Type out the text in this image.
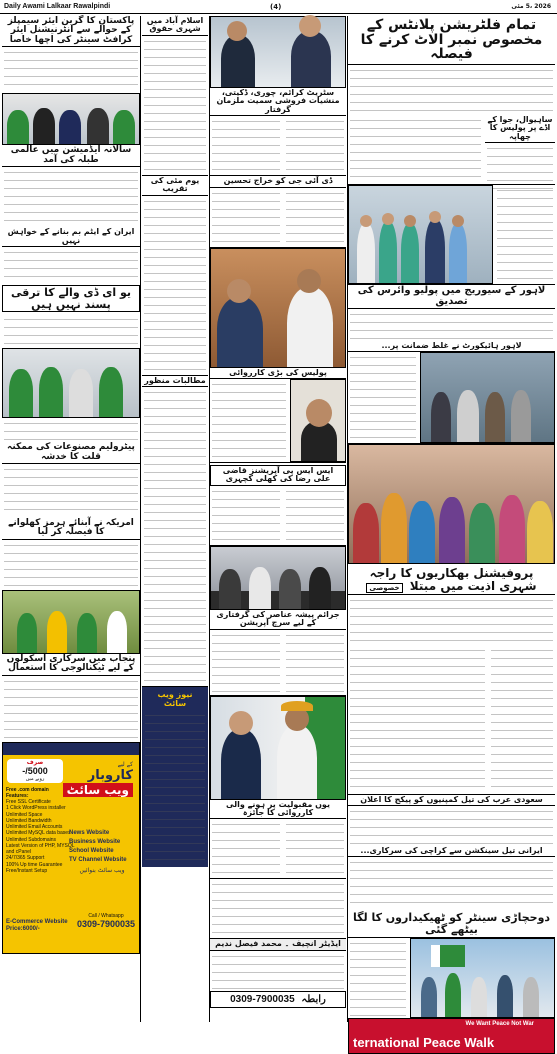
Daily Awami Lalkaar Rawalpindi	(4)	2026 ،5 مئی
تمام فلٹریشن پلانٹس کے مخصوص نمبر الاٹ کرنے کا فیصلہ
ساہیوال، جوا کے اڈے پر پولیس کا چھاپہ
لاہور کے سیوریج میں پولیو وائرس کی تصدیق
لاہور ہائیکورٹ نے غلط ضمانت پر...
پروفیشنل بھکاریوں کا راجہ شہری اذیت میں مبتلا خصوصی
سعودی عرب کی تیل کمپنیوں کو پیکج کا اعلان
ایرانی تیل سینکشن سے کراچی کی سرکاری...
دوحچاڑی سینٹر کو ٹھیکیداروں کا لگا بیٹھے گئی
We Want Peace Not War
ternational Peace Walk
سٹریٹ کرائم، چوری، ڈکیتی، منشیات فروشی سمیت ملزمان گرفتار
ڈی آئی جی کو خراج تحسین
پولیس کی بڑی کارروائی
ایس ایس پی آپریشنز قاضی علی رضا کی کھلی کچہری
جرائم پیشہ عناصر کی گرفتاری کے لیے سرچ آپریشن
یوں مقبولیت پر ہونے والی کارروائی کا جائزہ
ایڈیٹر انچیف ۔ محمد فیصل ندیم
0309-7900035 رابطہ
اسلام آباد میں شہری حقوق
یوم مئی کی تقریب
مطالبات منظور
نیوز ویب سائٹ
پاکستان کا گرین ایئر سیمپلز کے حوالے سے انٹرنیشنل ایئر کرافٹ سینٹر کی اچھا خاصا
سالانہ ایڈمیشن میں عالمی طبلہ کی آمد
ایران کے ایٹم بم بنانے کے خواہش نہیں
یو ای ڈی والے کا ترقی پسند نہیں ہیں
پیٹرولیم مصنوعات کی ممکنہ قلت کا خدشہ
امریکہ نے آبنائے ہرمز کھلوانے کا فیصلہ کر لیا
پنجاب میں سرکاری اسکولوں کے لیے ٹیکنالوجی کا استعمال
صرف
5000/-
روپے میں
کے لیے
کاروبار
ویب سائٹ
Free .com domain
Features:
Free SSL Certificate
1 Click WordPress installer
Unlimited Space
Unlimited Bandwidth
Unlimited Email Accounts
Unlimited MySQL data bases
Unlimited Subdomains
Latest Version of PHP, MYSQL
and cPanel
24/7/365 Support
100% Up time Guarantee
Free/Instant Setup
News Website
Business Website
School Website
TV Channel Website
ویب سائٹ بنوائیں
E-Commerce Website
Price:6000/-
Call / Whatsapp
0309-7900035
